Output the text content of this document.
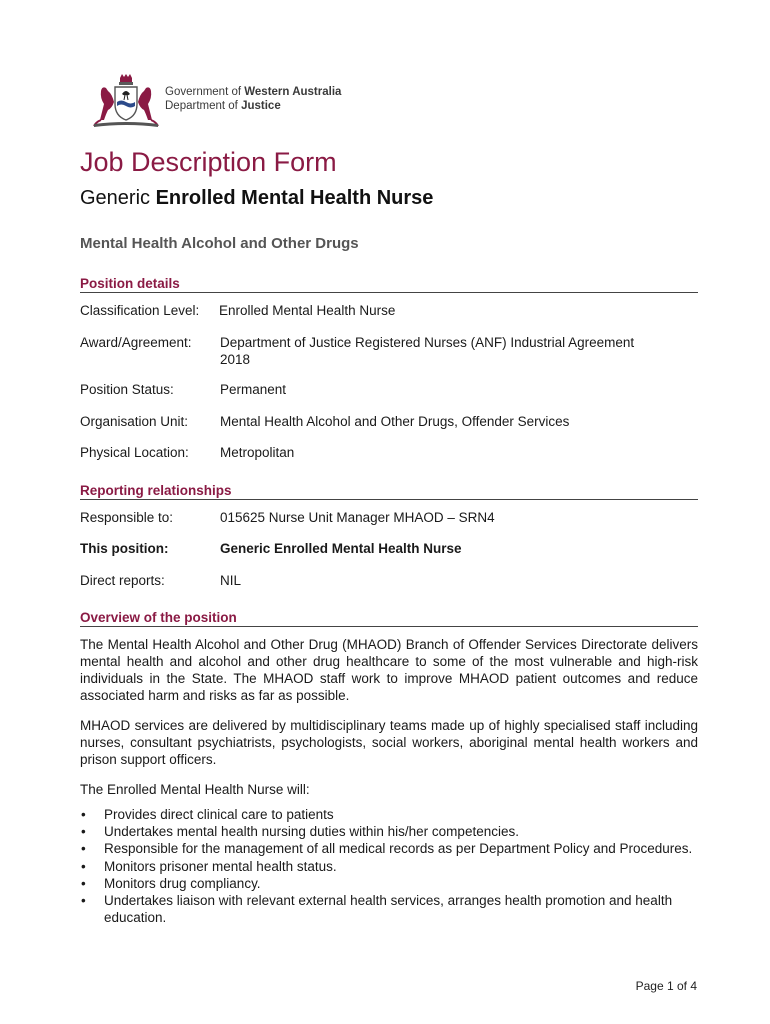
Government of Western Australia
Department of Justice
Job Description Form
Generic Enrolled Mental Health Nurse
Mental Health Alcohol and Other Drugs
Position details
Classification Level:	Enrolled Mental Health Nurse
Award/Agreement:	Department of Justice Registered Nurses (ANF) Industrial Agreement 2018
Position Status:	Permanent
Organisation Unit:	Mental Health Alcohol and Other Drugs, Offender Services
Physical Location:	Metropolitan
Reporting relationships
Responsible to:	015625 Nurse Unit Manager MHAOD – SRN4
This position:	Generic Enrolled Mental Health Nurse
Direct reports:	NIL
Overview of the position
The Mental Health Alcohol and Other Drug (MHAOD) Branch of Offender Services Directorate delivers mental health and alcohol and other drug healthcare to some of the most vulnerable and high-risk individuals in the State. The MHAOD staff work to improve MHAOD patient outcomes and reduce associated harm and risks as far as possible.
MHAOD services are delivered by multidisciplinary teams made up of highly specialised staff including nurses, consultant psychiatrists, psychologists, social workers, aboriginal mental health workers and prison support officers.
The Enrolled Mental Health Nurse will:
• Provides direct clinical care to patients
• Undertakes mental health nursing duties within his/her competencies.
• Responsible for the management of all medical records as per Department Policy and Procedures.
• Monitors prisoner mental health status.
• Monitors drug compliancy.
• Undertakes liaison with relevant external health services, arranges health promotion and health education.
Page 1 of 4
